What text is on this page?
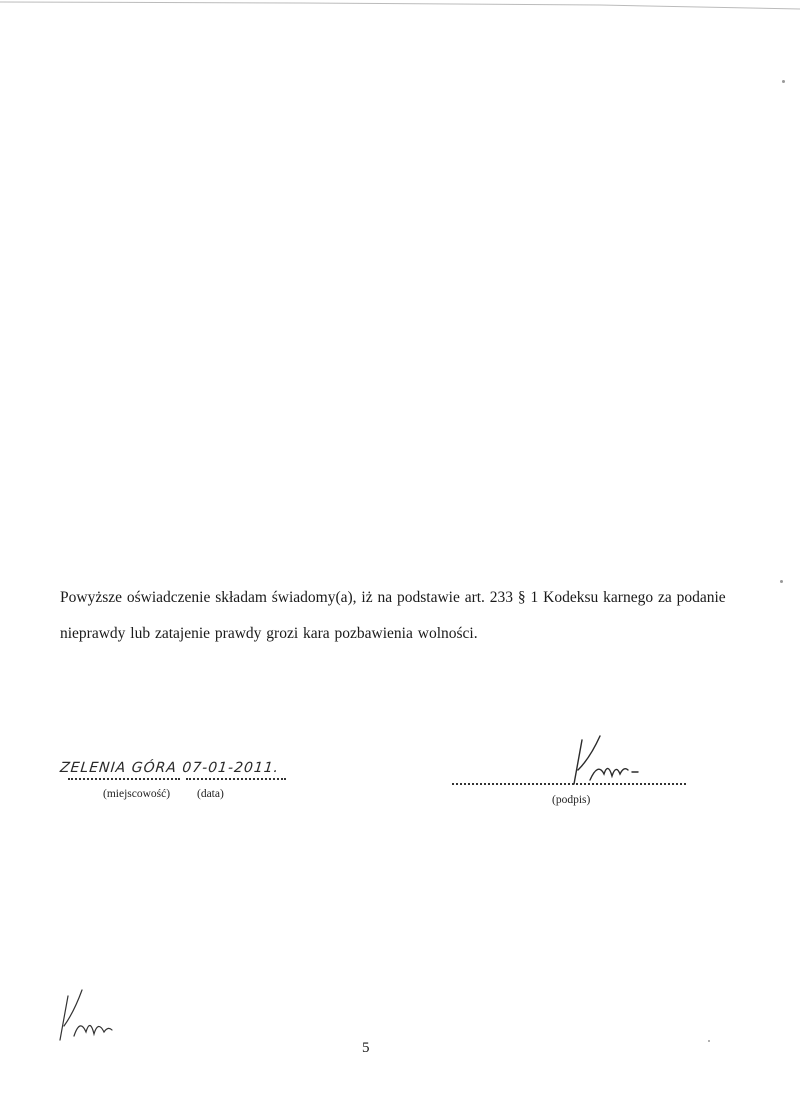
Powyższe oświadczenie składam świadomy(a), iż na podstawie art. 233 § 1 Kodeksu karnego za podanie
nieprawdy lub zatajenie prawdy grozi kara pozbawienia wolności.
ZELENIA GÓRA 07-01-2011.
(miejscowość) (data)	(podpis)
5
